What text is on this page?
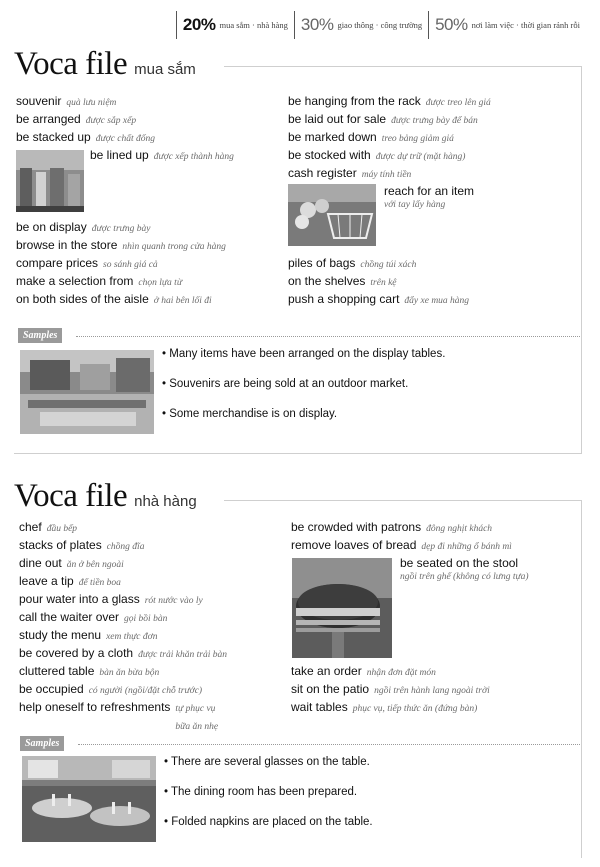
20% mua sắm · nhà hàng 30% giao thông · công trường 50% nơi làm việc · thời gian rảnh rỗi
Voca file mua sắm
souvenir quà lưu niệm
be arranged được sắp xếp
be stacked up được chất đống
be lined up được xếp thành hàng
be on display được trưng bày
browse in the store nhìn quanh trong cửa hàng
compare prices so sánh giá cả
make a selection from chọn lựa từ
on both sides of the aisle ở hai bên lối đi
be hanging from the rack được treo lên giá
be laid out for sale được trưng bày để bán
be marked down treo bảng giảm giá
be stocked with được dự trữ (mặt hàng)
cash register máy tính tiền
reach for an item
với tay lấy hàng
piles of bags chồng túi xách
on the shelves trên kệ
push a shopping cart đẩy xe mua hàng
Samples
• Many items have been arranged on the display tables.
• Souvenirs are being sold at an outdoor market.
• Some merchandise is on display.
Voca file nhà hàng
chef đầu bếp
stacks of plates chồng đĩa
dine out ăn ở bên ngoài
leave a tip để tiền boa
pour water into a glass rót nước vào ly
call the waiter over gọi bồi bàn
study the menu xem thực đơn
be covered by a cloth được trải khăn trải bàn
cluttered table bàn ăn bừa bộn
be occupied có người (ngồi/đặt chỗ trước)
help oneself to refreshments tự phục vụ bữa ăn nhẹ
be crowded with patrons đông nghịt khách
remove loaves of bread dẹp đi những ổ bánh mì
be seated on the stool
ngồi trên ghế (không có lưng tựa)
take an order nhận đơn đặt món
sit on the patio ngồi trên hành lang ngoài trời
wait tables phục vụ, tiếp thức ăn (đứng bàn)
Samples
• There are several glasses on the table.
• The dining room has been prepared.
• Folded napkins are placed on the table.
